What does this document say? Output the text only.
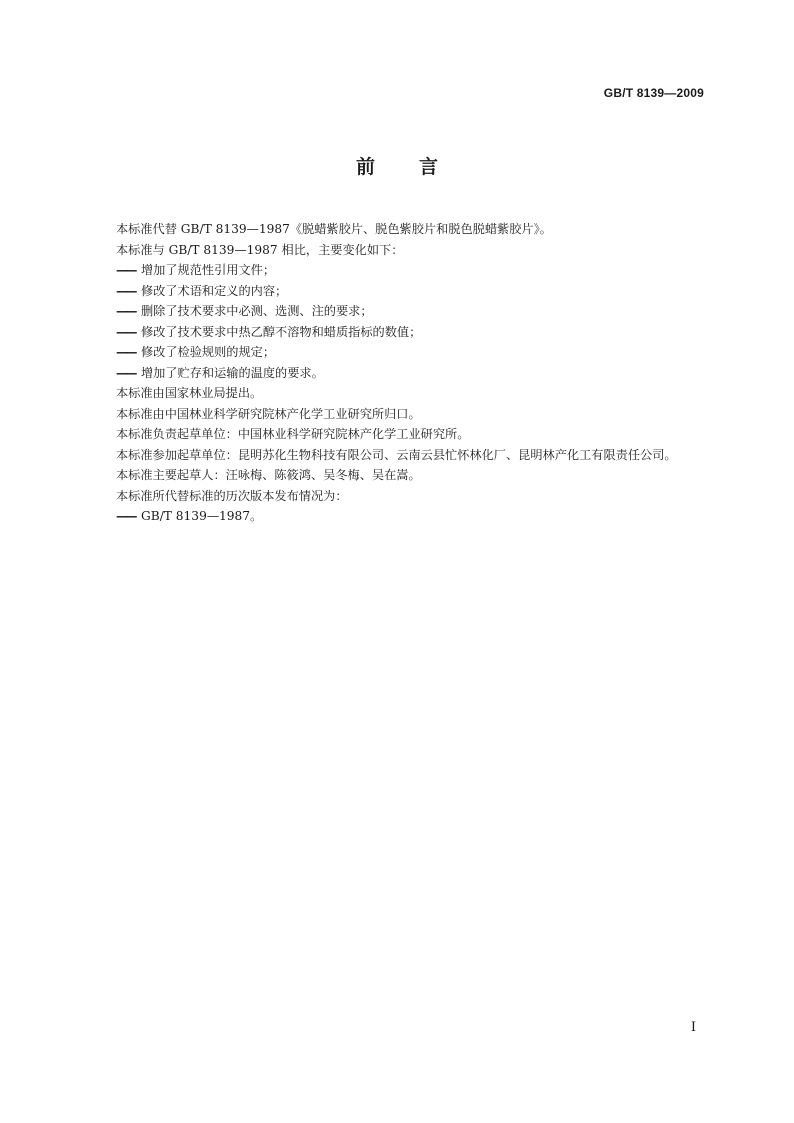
GB/T 8139—2009
前言

本标准代替 GB/T 8139—1987《脱蜡紫胶片、脱色紫胶片和脱色脱蜡紫胶片》。

本标准与 GB/T 8139—1987 相比，主要变化如下：

—— 增加了规范性引用文件；

—— 修改了术语和定义的内容；

—— 删除了技术要求中必测、选测、注的要求；

—— 修改了技术要求中热乙醇不溶物和蜡质指标的数值；

—— 修改了检验规则的规定；

—— 增加了贮存和运输的温度的要求。

本标准由国家林业局提出。

本标准由中国林业科学研究院林产化学工业研究所归口。

本标准负责起草单位：中国林业科学研究院林产化学工业研究所。

本标准参加起草单位：昆明苏化生物科技有限公司、云南云县忙怀林化厂、昆明林产化工有限责任公司。

本标准主要起草人：汪咏梅、陈筱鸿、吴冬梅、吴在嵩。

本标准所代替标准的历次版本发布情况为：

—— GB/T 8139—1987。

I
